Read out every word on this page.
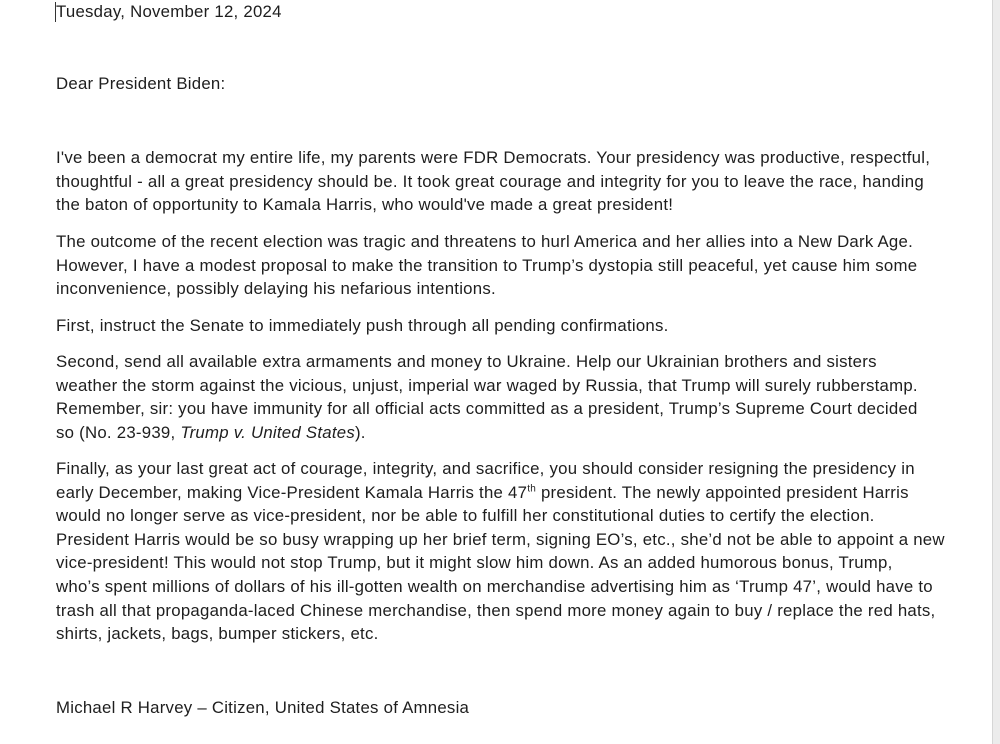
Tuesday, November 12, 2024
Dear President Biden:
I've been a democrat my entire life, my parents were FDR Democrats. Your presidency was productive, respectful,
thoughtful - all a great presidency should be. It took great courage and integrity for you to leave the race, handing
the baton of opportunity to Kamala Harris, who would've made a great president!
The outcome of the recent election was tragic and threatens to hurl America and her allies into a New Dark Age.
However, I have a modest proposal to make the transition to Trump’s dystopia still peaceful, yet cause him some
inconvenience, possibly delaying his nefarious intentions.
First, instruct the Senate to immediately push through all pending confirmations.
Second, send all available extra armaments and money to Ukraine. Help our Ukrainian brothers and sisters
weather the storm against the vicious, unjust, imperial war waged by Russia, that Trump will surely rubberstamp.
Remember, sir: you have immunity for all official acts committed as a president, Trump’s Supreme Court decided
so (No. 23-939, Trump v. United States).
Finally, as your last great act of courage, integrity, and sacrifice, you should consider resigning the presidency in
early December, making Vice-President Kamala Harris the 47th president. The newly appointed president Harris
would no longer serve as vice-president, nor be able to fulfill her constitutional duties to certify the election.
President Harris would be so busy wrapping up her brief term, signing EO’s, etc., she’d not be able to appoint a new
vice-president! This would not stop Trump, but it might slow him down. As an added humorous bonus, Trump,
who’s spent millions of dollars of his ill-gotten wealth on merchandise advertising him as ‘Trump 47’, would have to
trash all that propaganda-laced Chinese merchandise, then spend more money again to buy / replace the red hats,
shirts, jackets, bags, bumper stickers, etc.
Michael R Harvey – Citizen, United States of Amnesia
